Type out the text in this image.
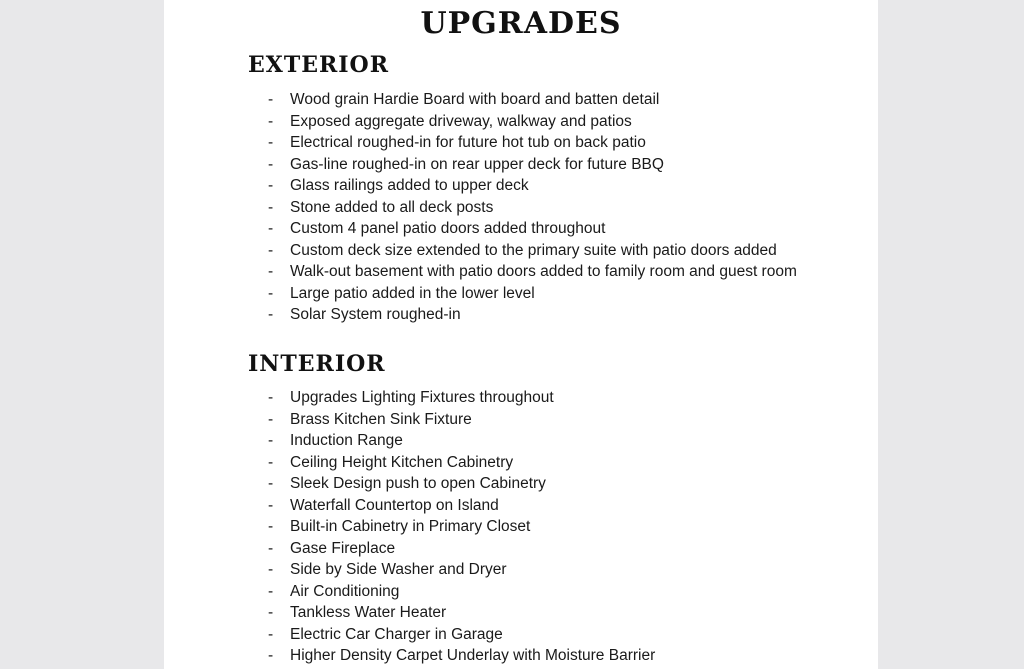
UPGRADES
EXTERIOR
- Wood grain Hardie Board with board and batten detail
- Exposed aggregate driveway, walkway and patios
- Electrical roughed-in for future hot tub on back patio
- Gas-line roughed-in on rear upper deck for future BBQ
- Glass railings added to upper deck
- Stone added to all deck posts
- Custom 4 panel patio doors added throughout
- Custom deck size extended to the primary suite with patio doors added
- Walk-out basement with patio doors added to family room and guest room
- Large patio added in the lower level
- Solar System roughed-in
INTERIOR
- Upgrades Lighting Fixtures throughout
- Brass Kitchen Sink Fixture
- Induction Range
- Ceiling Height Kitchen Cabinetry
- Sleek Design push to open Cabinetry
- Waterfall Countertop on Island
- Built-in Cabinetry in Primary Closet
- Gase Fireplace
- Side by Side Washer and Dryer
- Air Conditioning
- Tankless Water Heater
- Electric Car Charger in Garage
- Higher Density Carpet Underlay with Moisture Barrier
